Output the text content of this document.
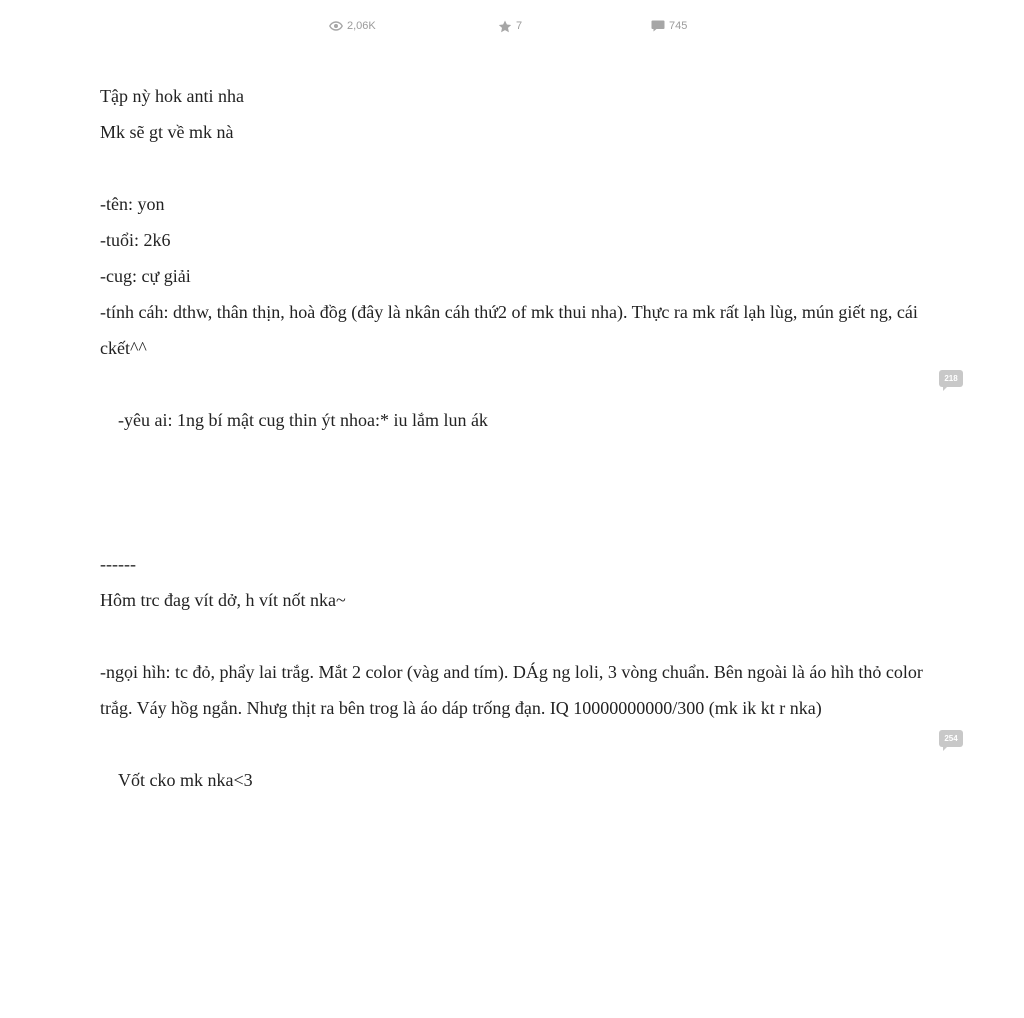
2,06K	7	745

Tập nỳ hok anti nha

Mk sẽ gt về mk nà

-tên: yon

-tuổi: 2k6

-cug: cự giải

-tính cáh: dthw, thân thịn, hoà đồg (đây là nkân cáh thứ2 of mk thui nha). Thực ra mk rất lạh lùg, mún giết ng, cái ckết^^

-yêu ai: 1ng bí mật cug thin ýt nhoa:* iu lắm lun ák

218

------

Hôm trc đag vít dở, h vít nốt nka~

-ngọi hìh: tc đỏ, phẩy lai trắg. Mắt 2 color (vàg and tím). DÁg ng loli, 3 vòng chuẩn. Bên ngoài là áo hìh thỏ color trắg. Váy hồg ngắn. Nhưg thịt ra bên trog là áo dáp trống đạn. IQ 10000000000/300 (mk ik kt r nka)

Vốt cko mk nka<3

254
